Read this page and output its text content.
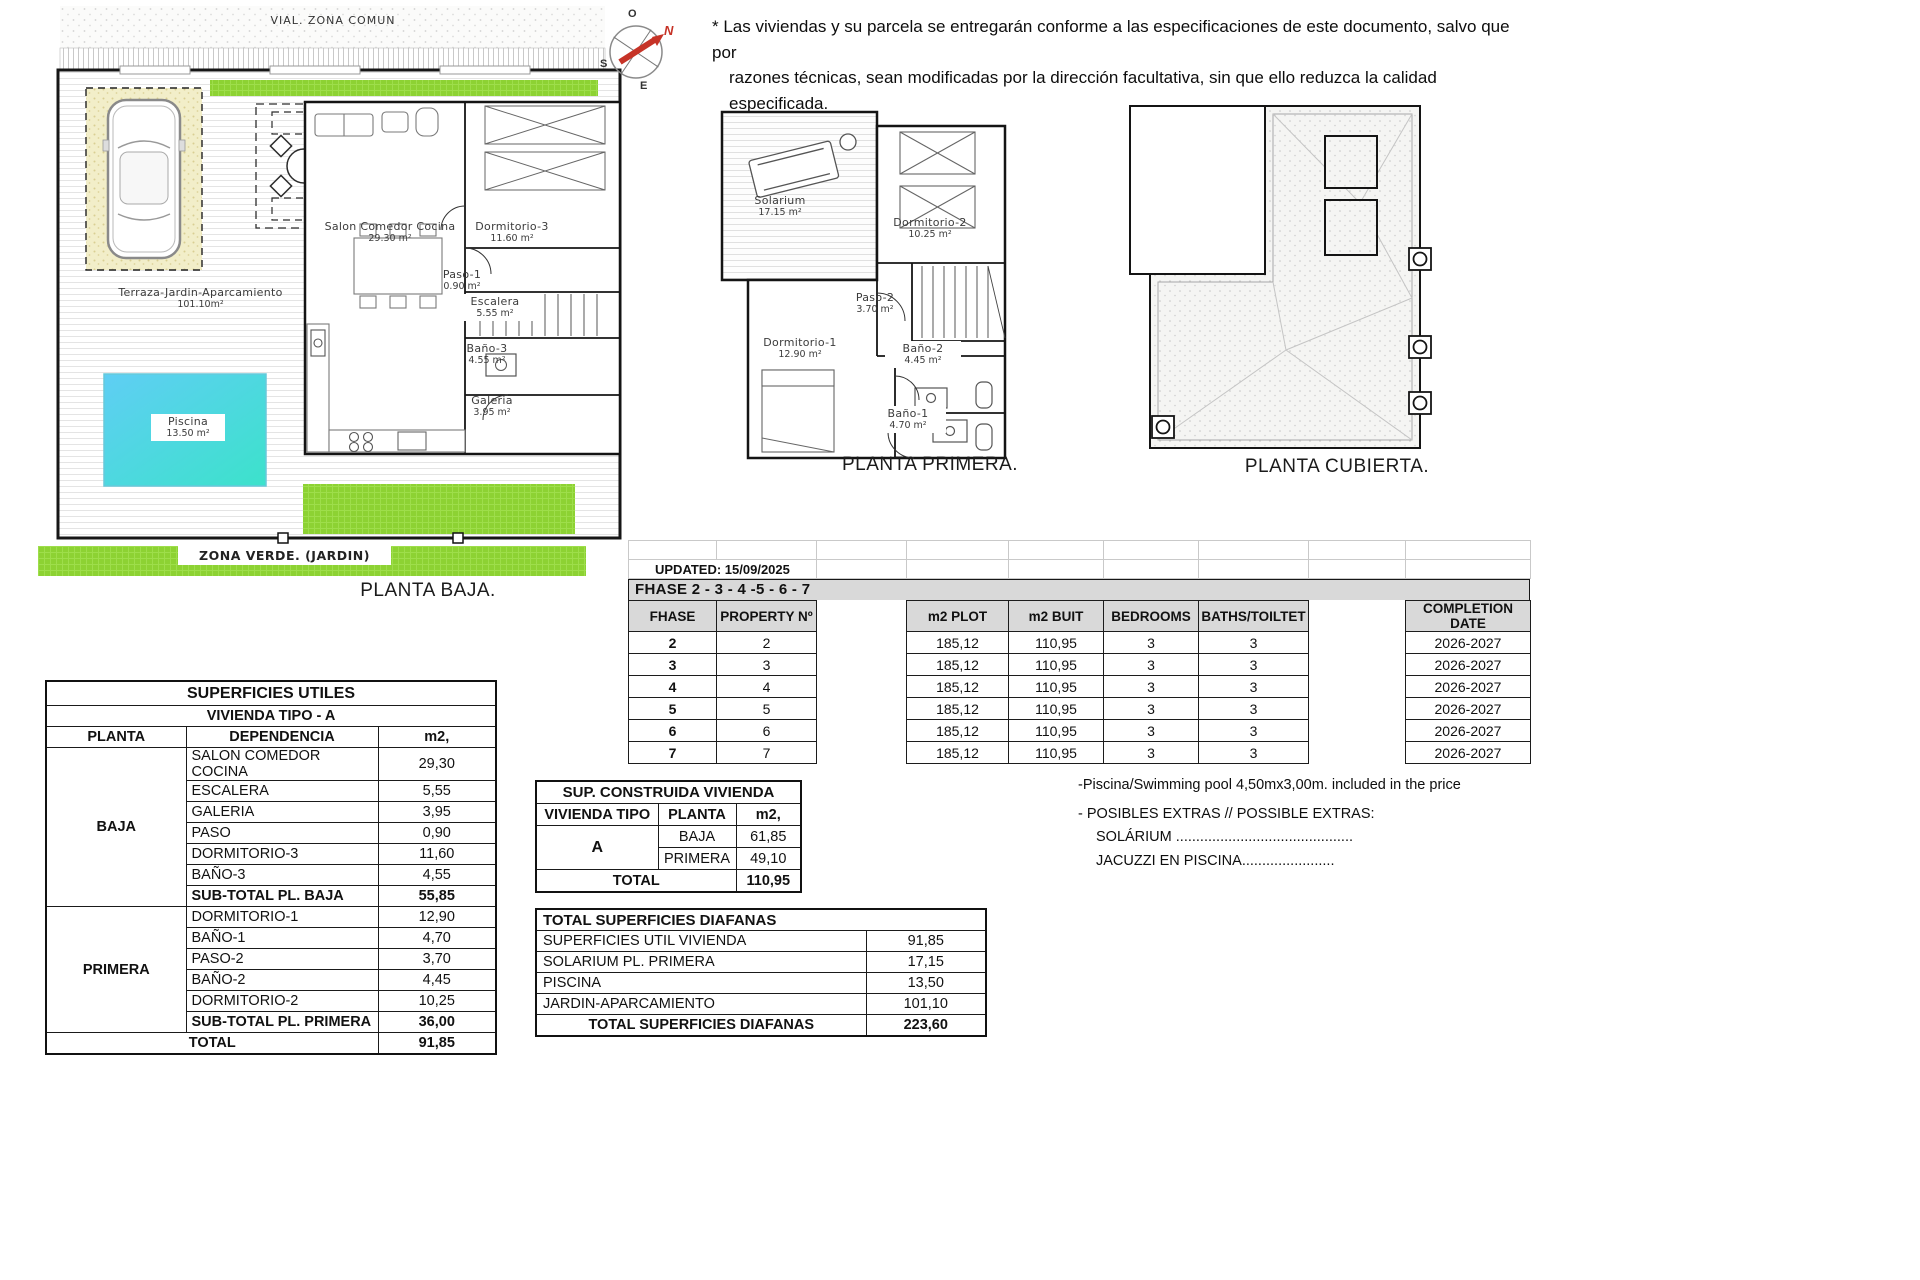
VIAL. ZONA COMUN
Terraza-Jardin-Aparcamiento
101.10m²
Piscina
13.50 m²
Salon Comedor Cocina
29.30 m²
Dormitorio-3
11.60 m²
Paso-1
0.90 m²
Escalera
5.55 m²
Baño-3
4.55 m²
Galeria
3.95 m²
ZONA VERDE. (JARDIN)
PLANTA BAJA.
O
N
S
E
* Las viviendas y su parcela se entregarán conforme a las especificaciones de este documento, salvo que por
razones técnicas, sean modificadas por la dirección facultativa, sin que ello reduzca la calidad especificada.
Solarium
17.15 m²
Dormitorio-2
10.25 m²
Paso-2
3.70 m²
Dormitorio-1
12.90 m²	Baño-2
4.45 m²
Baño-1
4.70 m²
PLANTA PRIMERA.	PLANTA CUBIERTA.

UPDATED: 15/09/2025								
FHASE 2 - 3 - 4 -5 - 6 - 7
FHASE	PROPERTY Nº		m2 PLOT	m2 BUIT	BEDROOMS	BATHS/TOILTET		COMPLETION DATE
2	2		185,12	110,95	3	3		2026-2027
3	3		185,12	110,95	3	3		2026-2027
4	4		185,12	110,95	3	3		2026-2027
5	5		185,12	110,95	3	3		2026-2027
6	6		185,12	110,95	3	3		2026-2027
7	7		185,12	110,95	3	3		2026-2027
SUPERFICIES UTILES		
VIVIENDA TIPO - A		
PLANTA	DEPENDENCIA	m2,
BAJA	SALON COMEDOR COCINA	29,30
	ESCALERA	5,55
	GALERIA	3,95
	PASO	0,90
	DORMITORIO-3	11,60
	BAÑO-3	4,55
	SUB-TOTAL PL. BAJA	55,85
PRIMERA	DORMITORIO-1	12,90
	BAÑO-1	4,70
	PASO-2	3,70
	BAÑO-2	4,45
	DORMITORIO-2	10,25
	SUB-TOTAL PL. PRIMERA	36,00
TOTAL		91,85
SUP. CONSTRUIDA VIVIENDA		
VIVIENDA TIPO	PLANTA	m2,
A	BAJA	61,85
	PRIMERA	49,10
TOTAL		110,95
TOTAL SUPERFICIES DIAFANAS	
SUPERFICIES UTIL VIVIENDA	91,85
SOLARIUM PL. PRIMERA	17,15
PISCINA	13,50
JARDIN-APARCAMIENTO	101,10
TOTAL SUPERFICIES DIAFANAS	223,60
-Piscina/Swimming pool 4,50mx3,00m. included in the price
- POSIBLES EXTRAS // POSSIBLE EXTRAS:
SOLÁRIUM ............................................
JACUZZI EN PISCINA.......................
